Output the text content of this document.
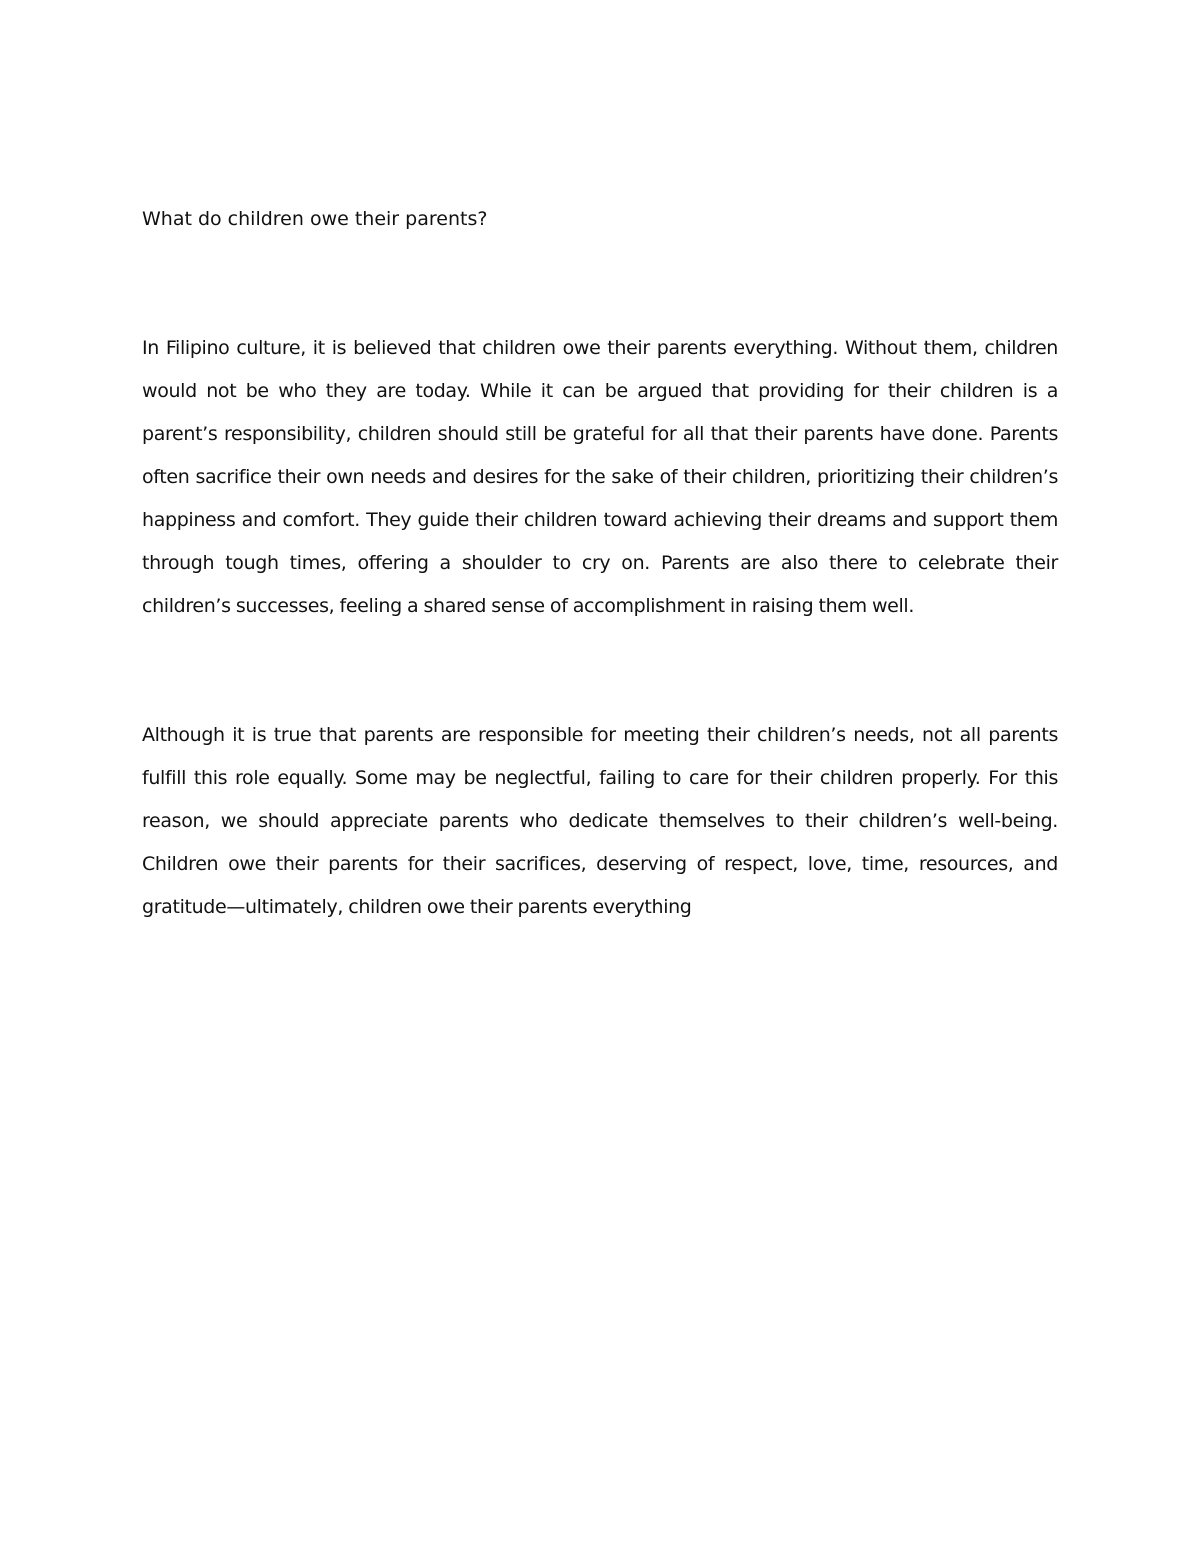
What do children owe their parents?

In Filipino culture, it is believed that children owe their parents everything. Without them, children would not be who they are today. While it can be argued that providing for their children is a parent’s responsibility, children should still be grateful for all that their parents have done. Parents often sacrifice their own needs and desires for the sake of their children, prioritizing their children’s happiness and comfort. They guide their children toward achieving their dreams and support them through tough times, offering a shoulder to cry on. Parents are also there to celebrate their children’s successes, feeling a shared sense of accomplishment in raising them well.

Although it is true that parents are responsible for meeting their children’s needs, not all parents fulfill this role equally. Some may be neglectful, failing to care for their children properly. For this reason, we should appreciate parents who dedicate themselves to their children’s well-being. Children owe their parents for their sacrifices, deserving of respect, love, time, resources, and gratitude—ultimately, children owe their parents everything
